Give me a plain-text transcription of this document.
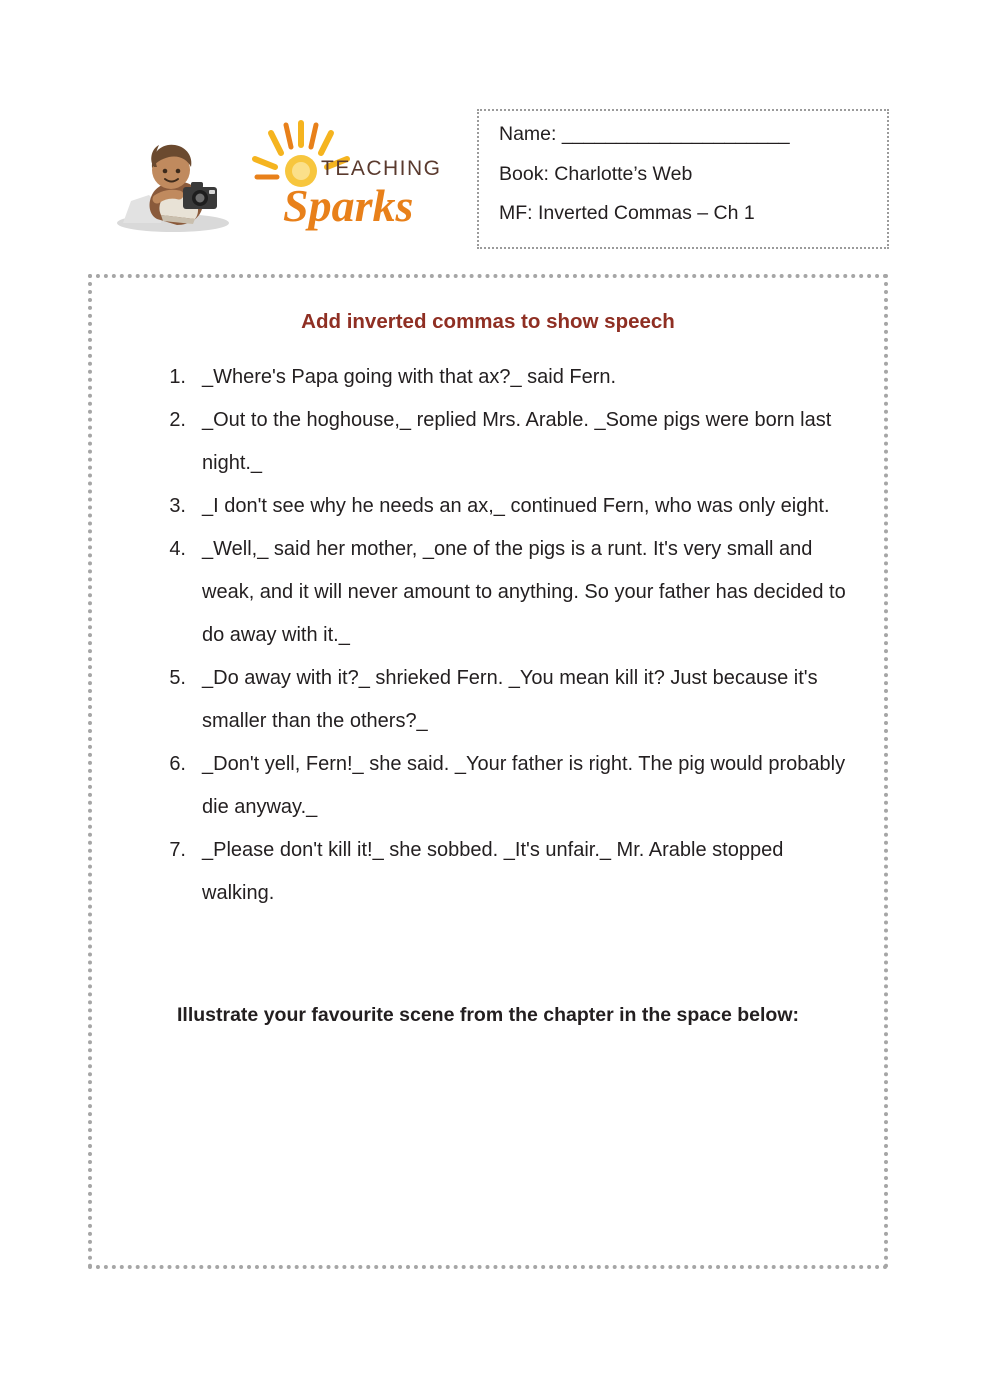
TEACHING
Sparks
Name: _____________________
Book: Charlotte’s Web
MF: Inverted Commas – Ch 1
Add inverted commas to show speech
1. _Where's Papa going with that ax?_ said Fern.
2. _Out to the hoghouse,_ replied Mrs. Arable. _Some pigs were born last night._
3. _I don't see why he needs an ax,_ continued Fern, who was only eight.
4. _Well,_ said her mother, _one of the pigs is a runt. It's very small and weak, and it will never amount to anything. So your father has decided to do away with it._
5. _Do away with it?_ shrieked Fern. _You mean kill it? Just because it's smaller than the others?_
6. _Don't yell, Fern!_ she said. _Your father is right. The pig would probably die anyway._
7. _Please don't kill it!_ she sobbed. _It's unfair._ Mr. Arable stopped walking.
Illustrate your favourite scene from the chapter in the space below:
